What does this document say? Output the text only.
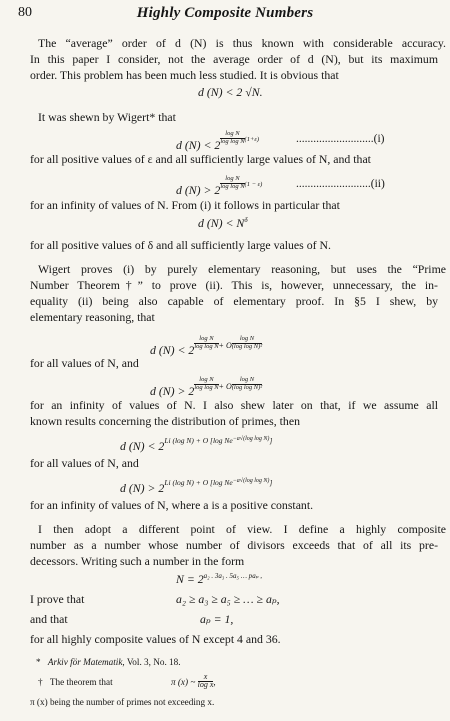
80	Highly Composite Numbers
The “average” order of d (N) is thus known with considerable accuracy.
In this paper I consider, not the average order of d (N), but its maximum
order. This problem has been much less studied. It is obvious that
d (N) < 2 √N.
It was shewn by Wigert* that
d $(N) < 2 \frac{\text{log N}}{\text{log log N}} ^{(1+\varepsilon)}$	...........................(i)
for all positive values of ε and all sufficiently large values of N, and that
d $(N) > 2 \frac{\text{log N}}{\text{log log N}} ^{(1 - \varepsilon)}$	..........................(ii)
for an infinity of values of N. From (i) it follows in particular that
d $(N) < N^\delta$
for all positive values of δ and all sufficiently large values of N.
Wigert proves (i) by purely elementary reasoning, but uses the “Prime
Number Theorem†” to prove (ii). This is, however, unnecessary, the in-
equality (ii) being also capable of elementary proof. In §5 I shew, by
elementary reasoning, that
d $(N) < 2 \frac{\text{log N}}{\text{log log N}} ^{+ O} \frac{\text{log N}}{\text{(log log N)²}}$
for all values of N, and
d $(N) > 2 \frac{\text{log N}}{\text{log log N}} ^{+ O} \frac{\text{log N}}{\text{(log log N)²}}$
for an infinity of values of N. I also shew later on that, if we assume all
known results concerning the distribution of primes, then
d $(N) < 2^{Li (log N) + O [log Ne-a√(log log N)]}$
for all values of N, and
d $(N) > 2^{Li (log N) + O [log Ne-a√(log log N)]}$
for an infinity of values of N, where a is a positive constant.
I then adopt a different point of view. I define a highly composite
number as a number whose number of divisors exceeds that of all its pre-
decessors. Writing such a number in the form
$N = 2^{a_2 . 3a_3 . 5a_5 \dots pa_p ,}$
I prove that	a₂ ≥ a₃ ≥ a₅ ≥ … ≥ aₚ,
and that	aₚ = 1,
for all highly composite values of N except 4 and 36.
* Arkiv för Matematik, Vol. 3, No. 18.
† The theorem that	π (x) ~ $\frac{x}{\text{log x}}$ ,
π (x) being the number of primes not exceeding x.
